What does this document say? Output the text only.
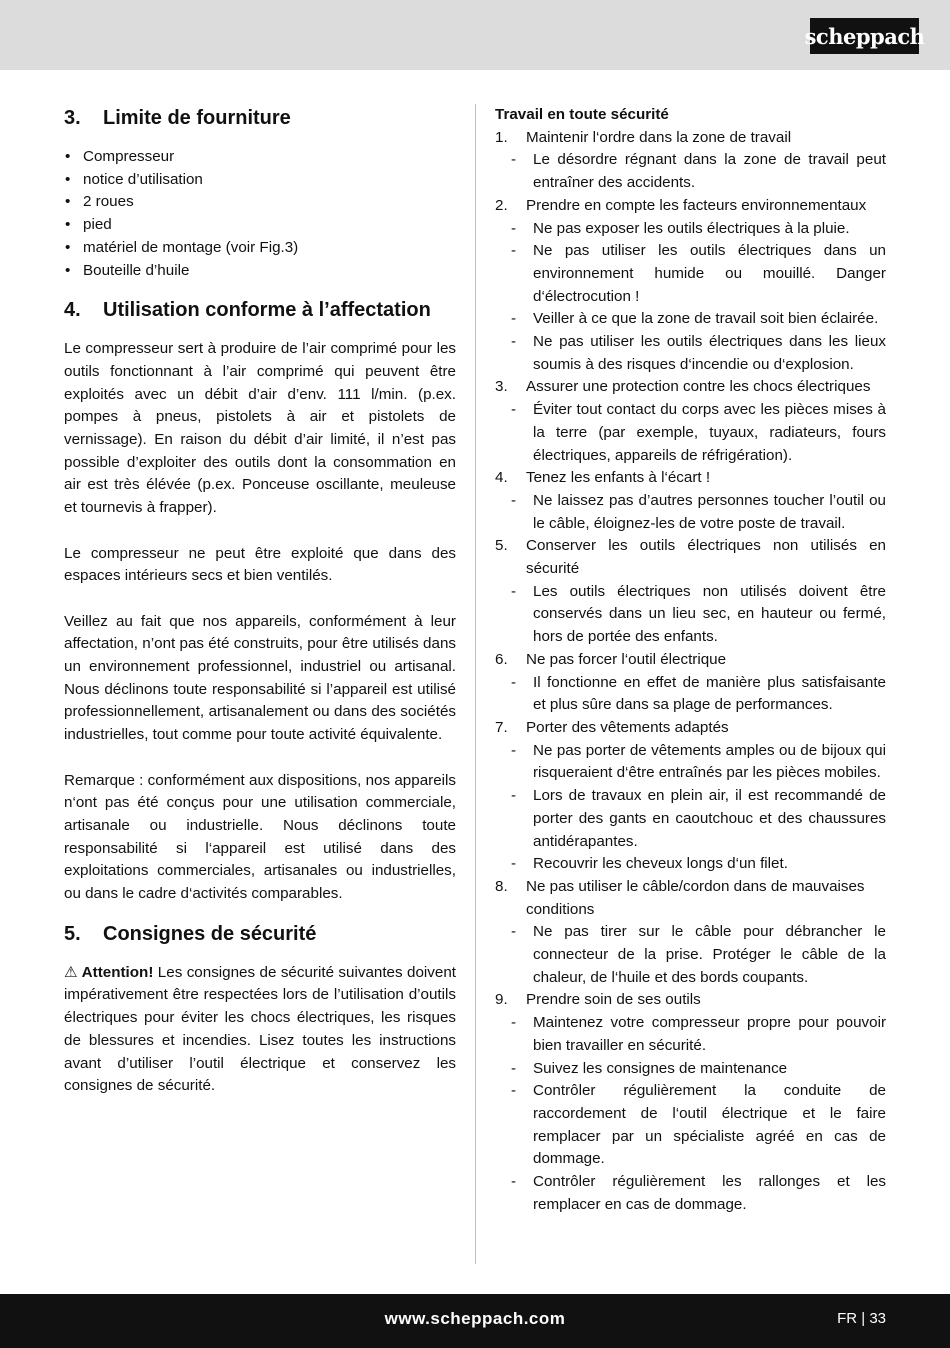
scheppach
3.	Limite de fourniture
• Compresseur
• notice d’utilisation
• 2 roues
• pied
• matériel de montage (voir Fig.3)
• Bouteille d’huile
4.	Utilisation conforme à l’affectation

Le compresseur sert à produire de l’air comprimé pour les outils fonctionnant à l’air comprimé qui peuvent être exploités avec un débit d’air d’env. 111 l/min. (p.ex. pompes à pneus, pistolets à air et pistolets de vernissage). En raison du débit d’air limité, il n’est pas possible d’exploiter des outils dont la consommation en air est très élévée (p.ex. Ponceuse oscillante, meuleuse et tournevis à frapper).

Le compresseur ne peut être exploité que dans des espaces intérieurs secs et bien ventilés.

Veillez au fait que nos appareils, conformément à leur affectation, n’ont pas été construits, pour être utilisés dans un environnement professionnel, industriel ou artisanal. Nous déclinons toute responsabilité si l’appareil est utilisé professionnellement, artisanalement ou dans des sociétés industrielles, tout comme pour toute activité équivalente.

Remarque : conformément aux dispositions, nos appareils n‘ont pas été conçus pour une utilisation commerciale, artisanale ou industrielle. Nous déclinons toute responsabilité si l‘appareil est utilisé dans des exploitations commerciales, artisanales ou industrielles, ou dans le cadre d‘activités comparables.

5.	Consignes de sécurité

⚠ Attention! Les consignes de sécurité suivantes doivent impérativement être respectées lors de l’utilisation d’outils électriques pour éviter les chocs électriques, les risques de blessures et incendies. Lisez toutes les instructions avant d’utiliser l’outil électrique et conservez les consignes de sécurité.

Travail en toute sécurité
1.	Maintenir l‘ordre dans la zone de travail
-	Le désordre régnant dans la zone de travail peut entraîner des accidents.
2.	Prendre en compte les facteurs environnementaux
-	Ne pas exposer les outils électriques à la pluie.
-	Ne pas utiliser les outils électriques dans un environnement humide ou mouillé. Danger d‘électrocution !
-	Veiller à ce que la zone de travail soit bien éclairée.
-	Ne pas utiliser les outils électriques dans les lieux soumis à des risques d‘incendie ou d‘explosion.
3.	Assurer une protection contre les chocs électriques
-	Éviter tout contact du corps avec les pièces mises à la terre (par exemple, tuyaux, radiateurs, fours électriques, appareils de réfrigération).
4.	Tenez les enfants à l‘écart !
-	Ne laissez pas d’autres personnes toucher l’outil ou le câble, éloignez-les de votre poste de travail.
5.	Conserver les outils électriques non utilisés en sécurité
-	Les outils électriques non utilisés doivent être conservés dans un lieu sec, en hauteur ou fermé, hors de portée des enfants.
6.	Ne pas forcer l‘outil électrique
-	Il fonctionne en effet de manière plus satisfaisante et plus sûre dans sa plage de performances.
7.	Porter des vêtements adaptés
-	Ne pas porter de vêtements amples ou de bijoux qui risqueraient d‘être entraînés par les pièces mobiles.
-	Lors de travaux en plein air, il est recommandé de porter des gants en caoutchouc et des chaussures antidérapantes.
-	Recouvrir les cheveux longs d‘un filet.
8.	Ne pas utiliser le câble/cordon dans de mauvaises conditions
-	Ne pas tirer sur le câble pour débrancher le connecteur de la prise. Protéger le câble de la chaleur, de l‘huile et des bords coupants.
9.	Prendre soin de ses outils
-	Maintenez votre compresseur propre pour pouvoir bien travailler en sécurité.
-	Suivez les consignes de maintenance
-	Contrôler régulièrement la conduite de raccordement de l‘outil électrique et le faire remplacer par un spécialiste agréé en cas de dommage.
-	Contrôler régulièrement les rallonges et les remplacer en cas de dommage.
www.scheppach.com	FR | 33
